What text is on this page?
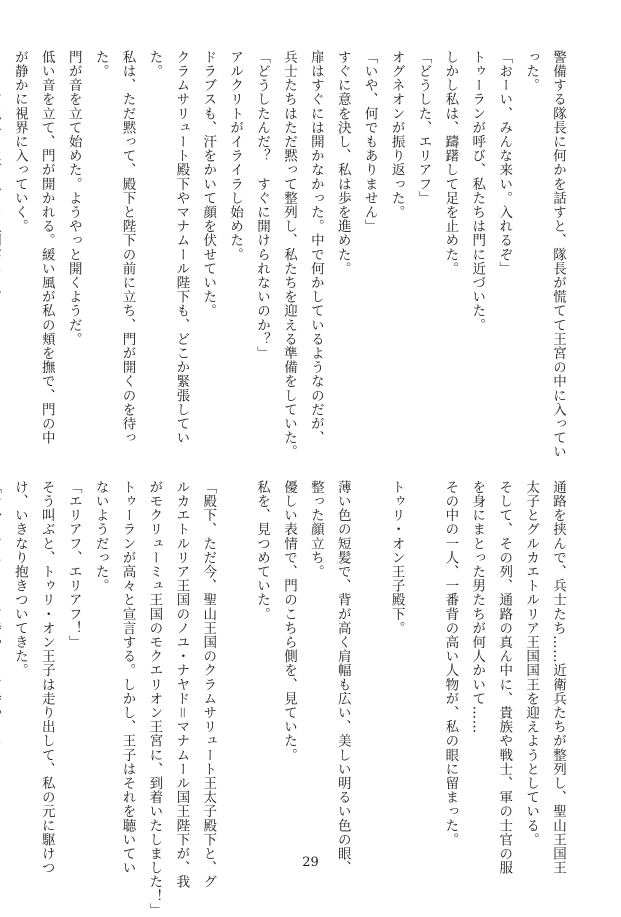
警備する隊長に何かを話すと、隊長が慌てて王宮の中に入ってい
った。
「おーい、みんな来い。入れるぞ」
トゥーランが呼び、私たちは門に近づいた。
しかし私は、躊躇して足を止めた。
「どうした、エリアフ」
オグネオンが振り返った。
「いや、何でもありません」
すぐに意を決し、私は歩を進めた。
扉はすぐには開かなかった。中で何かしているようなのだが、
兵士たちはただ黙って整列し、私たちを迎える準備をしていた。
「どうしたんだ？　すぐに開けられないのか？」
アルクリトがイライラし始めた。
ドラブスも、汗をかいて顔を伏せていた。
クラムサリュート殿下やマナムール陛下も、どこか緊張してい
た。
私は、ただ黙って、殿下と陛下の前に立ち、門が開くのを待っ
た。
門が音を立て始めた。ようやっと開くようだ。
低い音を立て、門が開かれる。緩い風が私の頬を撫で、門の中
が静かに視界に入っていく。
通路を挟んで、兵士たち……近衛兵たちが整列し、聖山王国王
太子とグルカエトルリア王国国王を迎えようとしている。
そして、その列、通路の真ん中に、貴族や戦士、軍の士官の服
を身にまとった男たちが何人かいて……
その中の一人、一番背の高い人物が、私の眼に留まった。

トゥリ・オン王子殿下。

薄い色の短髪で、背が高く肩幅も広い、美しい明るい色の眼、
整った顔立ち。
優しい表情で、門のこちら側を、見ていた。
私を、見つめていた。

「殿下、ただ今、聖山王国のクラムサリュート王太子殿下と、グ
ルカエトルリア王国のノユ・ナヤド＝マナムール国王陛下が、我
がモクリューミュ王国のモクエリオン王宮に、到着いたしました！」
トゥーランが高々と宣言する。しかし、王子はそれを聴いてい
ないようだった。
「エリアフ、エリアフ！」
そう叫ぶと、トゥリ・オン王子は走り出して、私の元に駆けつ
け、いきなり抱きついてきた。
29
